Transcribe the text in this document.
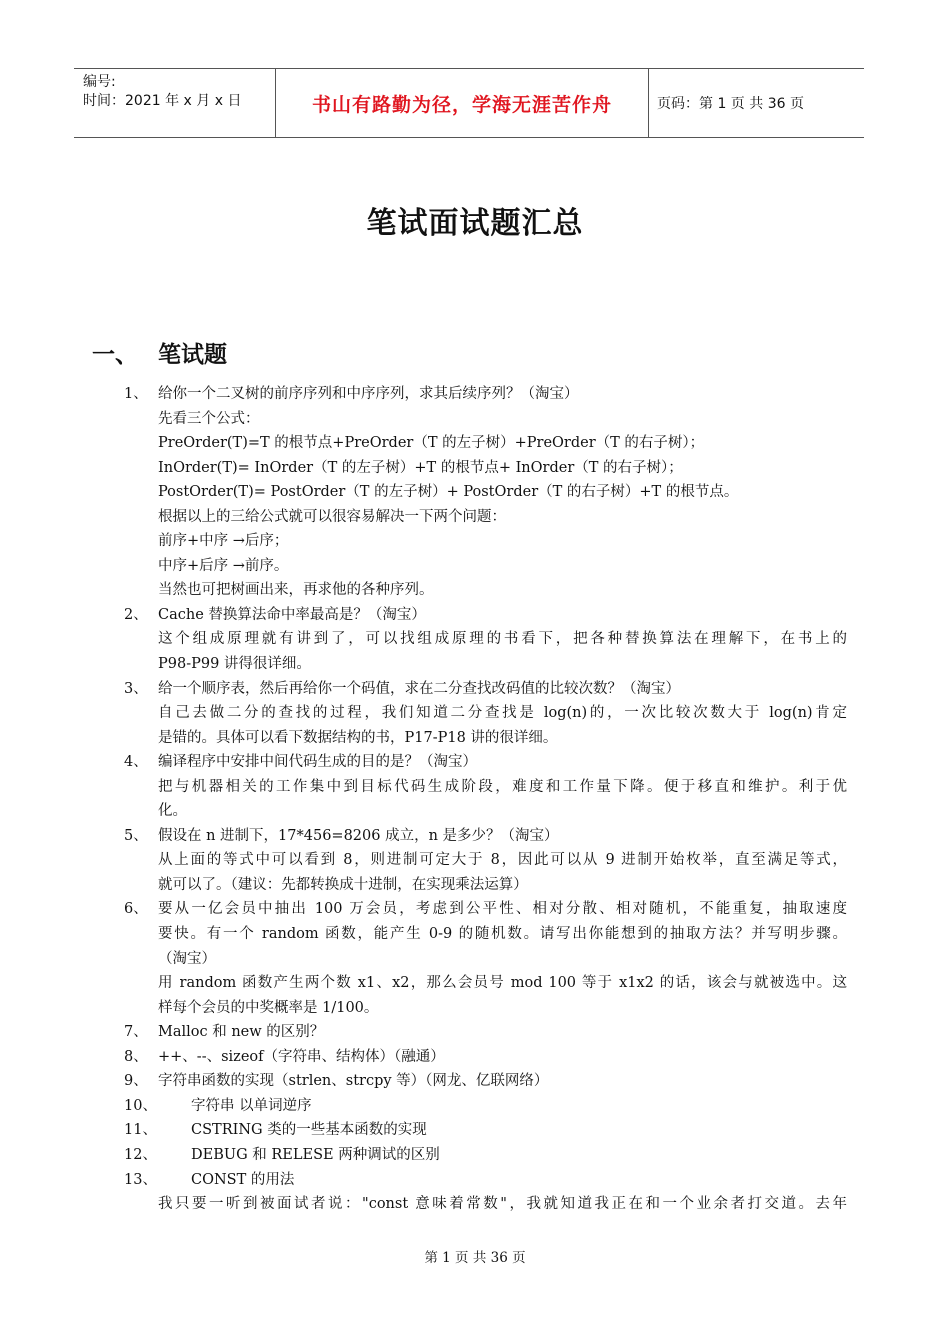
编号:
时间：2021 年 x 月 x 日	书山有路勤为径，学海无涯苦作舟	页码：第 1 页 共 36 页
笔试面试题汇总
一、 笔试题
1、 给你一个二叉树的前序序列和中序序列，求其后续序列？（淘宝）
先看三个公式：
PreOrder(T)=T 的根节点+PreOrder（T 的左子树）+PreOrder（T 的右子树）；
InOrder(T)= InOrder（T 的左子树）+T 的根节点+ InOrder（T 的右子树）；
PostOrder(T)= PostOrder（T 的左子树）+ PostOrder（T 的右子树）+T 的根节点。
根据以上的三给公式就可以很容易解决一下两个问题：
前序+中序 →后序；
中序+后序 →前序。
当然也可把树画出来，再求他的各种序列。
2、 Cache 替换算法命中率最高是？（淘宝）
这个组成原理就有讲到了，可以找组成原理的书看下，把各种替换算法在理解下，在书上的
P98-P99 讲得很详细。
3、 给一个顺序表，然后再给你一个码值，求在二分查找改码值的比较次数？（淘宝）
自己去做二分的查找的过程，我们知道二分查找是 log(n)的，一次比较次数大于 log(n)肯定
是错的。具体可以看下数据结构的书，P17-P18 讲的很详细。
4、 编译程序中安排中间代码生成的目的是？（淘宝）
把与机器相关的工作集中到目标代码生成阶段，难度和工作量下降。便于移直和维护。利于优
化。
5、 假设在 n 进制下，17*456=8206 成立，n 是多少？（淘宝）
从上面的等式中可以看到 8，则进制可定大于 8，因此可以从 9 进制开始枚举，直至满足等式，
就可以了。（建议：先都转换成十进制，在实现乘法运算）
6、 要从一亿会员中抽出 100 万会员，考虑到公平性、相对分散、相对随机，不能重复，抽取速度
要快。有一个 random 函数，能产生 0-9 的随机数。请写出你能想到的抽取方法？并写明步骤。
（淘宝）
用 random 函数产生两个数 x1、x2，那么会员号 mod 100 等于 x1x2 的话，该会与就被选中。这
样每个会员的中奖概率是 1/100。
7、 Malloc 和 new 的区别？
8、 ++、--、sizeof（字符串、结构体）（融通）
9、 字符串函数的实现（strlen、strcpy 等）（网龙、亿联网络）
10、 字符串 以单词逆序
11、 CSTRING 类的一些基本函数的实现
12、 DEBUG 和 RELESE 两种调试的区别
13、 CONST 的用法
我只要一听到被面试者说："const 意味着常数"，我就知道我正在和一个业余者打交道。去年
第 1 页 共 36 页
